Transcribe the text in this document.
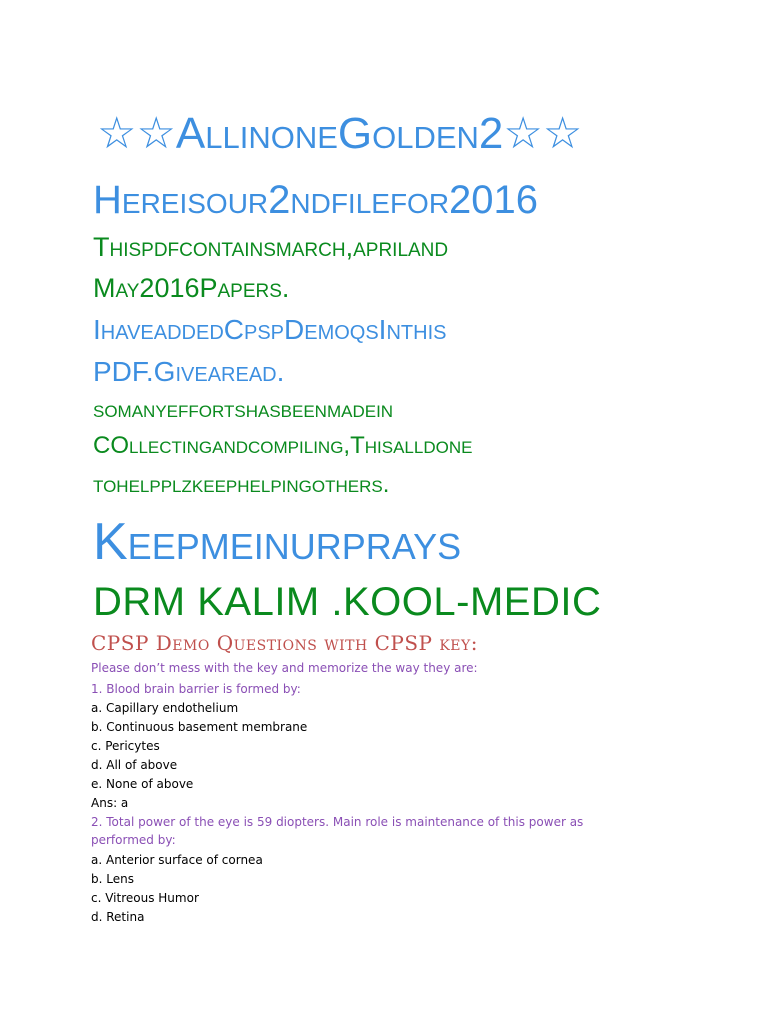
☆☆AllinoneGolden2☆☆

Hereisour2ndfilefor2016

Thispdfcontainsmarch,apriland

May2016Papers.

IhaveaddedCpspDemoqsInthis

PDF.Givearead.

somanyeffortshasbeenmadein

COllectingandcompiling,Thisalldone

tohelpplzkeephelpingothers.

Keepmeinurprays

DRM KALIM .KOOL-MEDIC

CPSP Demo Questions with CPSP key:

Please don’t mess with the key and memorize the way they are:

1. Blood brain barrier is formed by:

a. Capillary endothelium

b. Continuous basement membrane

c. Pericytes

d. All of above

e. None of above

Ans: a

2. Total power of the eye is 59 diopters. Main role is maintenance of this power as

performed by:

a. Anterior surface of cornea

b. Lens

c. Vitreous Humor

d. Retina
